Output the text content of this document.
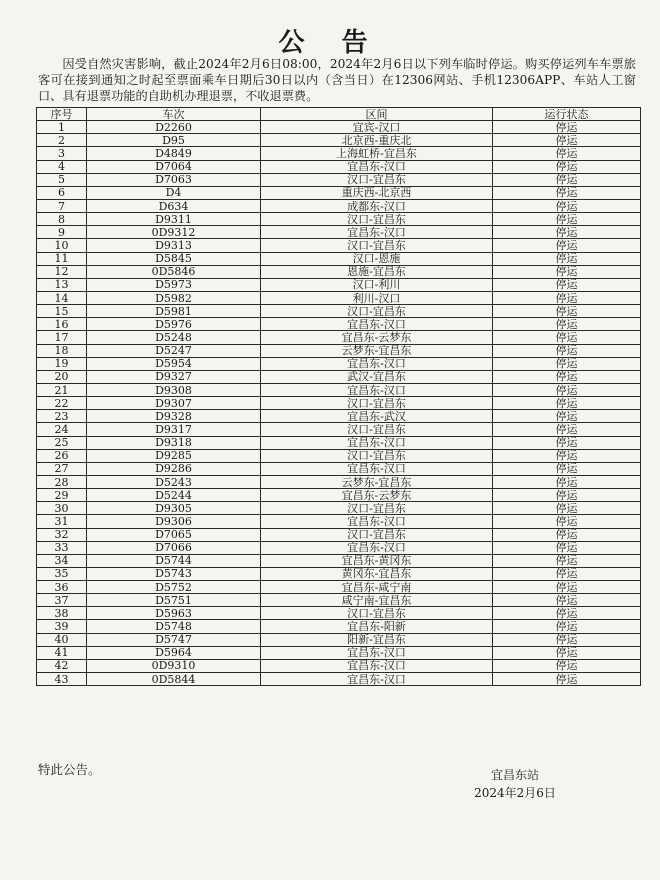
公 告
因受自然灾害影响，截止2024年2月6日08:00，2024年2月6日以下列车临时停运。购买停运列车车票旅客可在接到通知之时起至票面乘车日期后30日以内（含当日）在12306网站、手机12306APP、车站人工窗口、具有退票功能的自助机办理退票，不收退票费。
序号	车次	区间	运行状态
1	D2260	宜宾-汉口	停运
2	D95	北京西-重庆北	停运
3	D4849	上海虹桥-宜昌东	停运
4	D7064	宜昌东-汉口	停运
5	D7063	汉口-宜昌东	停运
6	D4	重庆西-北京西	停运
7	D634	成都东-汉口	停运
8	D9311	汉口-宜昌东	停运
9	0D9312	宜昌东-汉口	停运
10	D9313	汉口-宜昌东	停运
11	D5845	汉口-恩施	停运
12	0D5846	恩施-宜昌东	停运
13	D5973	汉口-利川	停运
14	D5982	利川-汉口	停运
15	D5981	汉口-宜昌东	停运
16	D5976	宜昌东-汉口	停运
17	D5248	宜昌东-云梦东	停运
18	D5247	云梦东-宜昌东	停运
19	D5954	宜昌东-汉口	停运
20	D9327	武汉-宜昌东	停运
21	D9308	宜昌东-汉口	停运
22	D9307	汉口-宜昌东	停运
23	D9328	宜昌东-武汉	停运
24	D9317	汉口-宜昌东	停运
25	D9318	宜昌东-汉口	停运
26	D9285	汉口-宜昌东	停运
27	D9286	宜昌东-汉口	停运
28	D5243	云梦东-宜昌东	停运
29	D5244	宜昌东-云梦东	停运
30	D9305	汉口-宜昌东	停运
31	D9306	宜昌东-汉口	停运
32	D7065	汉口-宜昌东	停运
33	D7066	宜昌东-汉口	停运
34	D5744	宜昌东-黄冈东	停运
35	D5743	黄冈东-宜昌东	停运
36	D5752	宜昌东-咸宁南	停运
37	D5751	咸宁南-宜昌东	停运
38	D5963	汉口-宜昌东	停运
39	D5748	宜昌东-阳新	停运
40	D5747	阳新-宜昌东	停运
41	D5964	宜昌东-汉口	停运
42	0D9310	宜昌东-汉口	停运
43	0D5844	宜昌东-汉口	停运
特此公告。	宜昌东站
2024年2月6日
